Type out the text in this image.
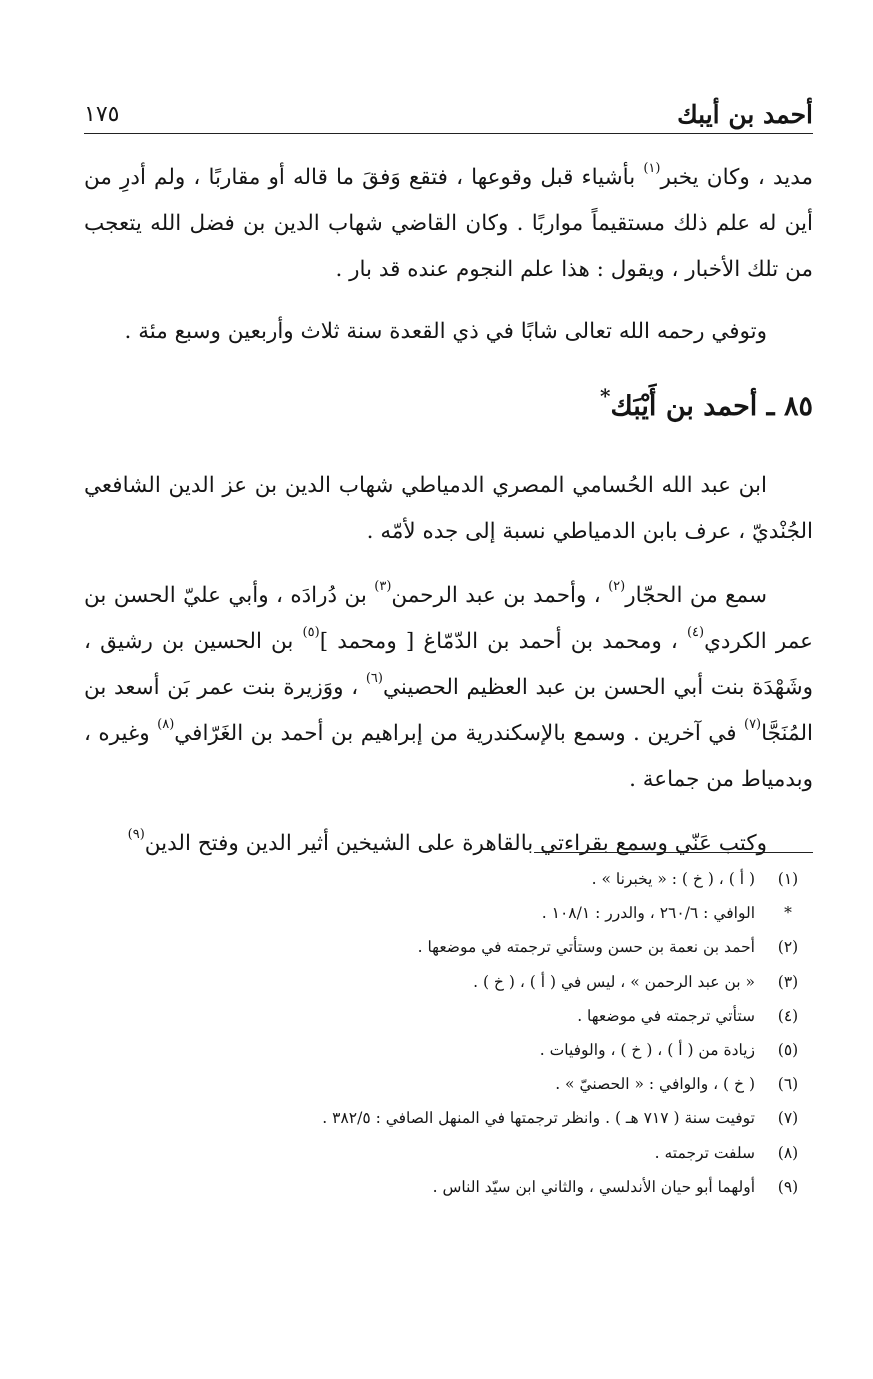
أحمد بن أيبك
١٧٥

مديد ، وكان يخبر$^{(١)}$ بأشياء قبل وقوعها ، فتقع وَفقَ ما قاله أو مقاربًا ، ولم أدرِ من أين له علم ذلك مستقيماً مواربًا . وكان القاضي شهاب الدين بن فضل الله يتعجب من تلك الأخبار ، ويقول : هذا علم النجوم عنده قد بار .

وتوفي رحمه الله تعالى شابًا في ذي القعدة سنة ثلاث وأربعين وسبع مئة .

٨٥ ـ أحمد بن أَيْبَك*

ابن عبد الله الحُسامي المصري الدمياطي شهاب الدين بن عز الدين الشافعي الجُنْديّ ، عرف بابن الدمياطي نسبة إلى جده لأمّه .

سمع من الحجّار$^{(٢)}$ ، وأحمد بن عبد الرحمن$^{(٣)}$ بن دُرادَه ، وأبي عليّ الحسن بن عمر الكردي$^{(٤)}$ ، ومحمد بن أحمد بن الدّمّاغ [ ومحمد ]$^{(٥)}$ بن الحسين بن رشيق ، وشَهْدَة بنت أبي الحسن بن عبد العظيم الحصيني$^{(٦)}$ ، ووَزيرة بنت عمر بَن أسعد بن المُنَجَّا$^{(٧)}$ في آخرين . وسمع بالإسكندرية من إبراهيم بن أحمد بن الغَرّافي$^{(٨)}$ وغيره ، وبدمياط من جماعة .

وكتب عَنّي وسمع بقراءتي بالقاهرة على الشيخين أثير الدين وفتح الدين$^{(٩)}$

(١)
( أ ) ، ( خ ) : « يخبرنا » .
*
الوافي : ٢٦٠/٦ ، والدرر : ١٠٨/١ .
(٢)
أحمد بن نعمة بن حسن وستأتي ترجمته في موضعها .
(٣)
« بن عبد الرحمن » ، ليس في ( أ ) ، ( خ ) .
(٤)
ستأتي ترجمته في موضعها .
(٥)
زيادة من ( أ ) ، ( خ ) ، والوفيات .
(٦)
( خ ) ، والوافي : « الحصنيّ » .
(٧)
توفيت سنة ( ٧١٧ هـ ) . وانظر ترجمتها في المنهل الصافي : ٣٨٢/٥ .
(٨)
سلفت ترجمته .
(٩)
أولهما أبو حيان الأندلسي ، والثاني ابن سيّد الناس .
